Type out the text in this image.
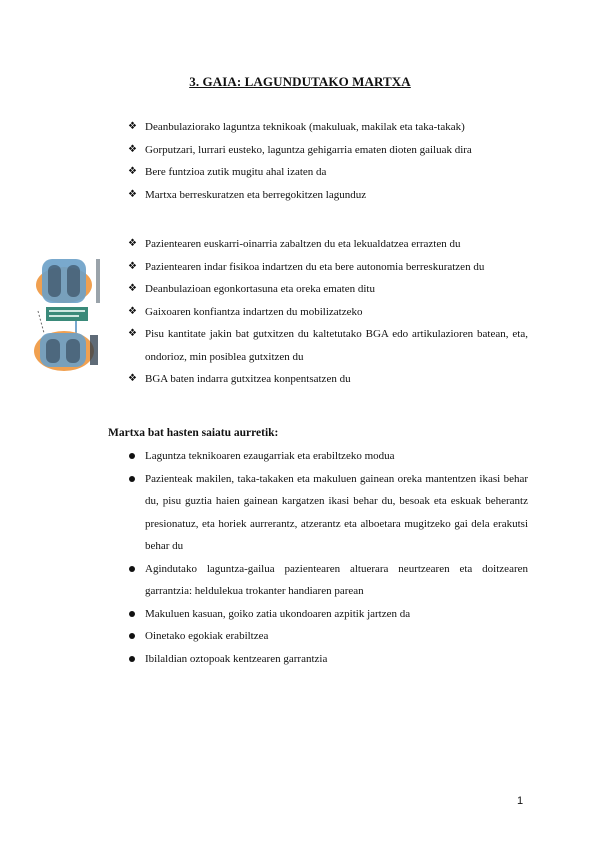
3. GAIA: LAGUNDUTAKO MARTXA
❖ Deanbulaziorako laguntza teknikoak (makuluak, makilak eta taka-takak)
❖ Gorputzari, lurrari eusteko, laguntza gehigarria ematen dioten gailuak dira
❖ Bere funtzioa zutik mugitu ahal izaten da
❖ Martxa berreskuratzen eta berregokitzen lagunduz
❖ Pazientearen euskarri-oinarria zabaltzen du eta lekualdatzea errazten du
❖ Pazientearen indar fisikoa indartzen du eta bere autonomia berreskuratzen du
❖ Deanbulazioan egonkortasuna eta oreka ematen ditu
❖ Gaixoaren konfiantza indartzen du mobilizatzeko
❖ Pisu kantitate jakin bat gutxitzen du kaltetutako BGA edo artikulazioren batean, eta, ondorioz, min posiblea gutxitzen du
❖ BGA baten indarra gutxitzea konpentsatzen du
Martxa bat hasten saiatu aurretik:
Laguntza teknikoaren ezaugarriak eta erabiltzeko modua
Pazienteak makilen, taka-takaken eta makuluen gainean oreka mantentzen ikasi behar du, pisu guztia haien gainean kargatzen ikasi behar du, besoak eta eskuak beherantz presionatuz, eta horiek aurrerantz, atzerantz eta alboetara mugitzeko gai dela erakutsi behar du
Agindutako laguntza-gailua pazientearen altuerara neurtzearen eta doitzearen garrantzia: heldulekua trokanter handiaren parean
Makuluen kasuan, goiko zatia ukondoaren azpitik jartzen da
Oinetako egokiak erabiltzea
Ibilaldian oztopoak kentzearen garrantzia
1
